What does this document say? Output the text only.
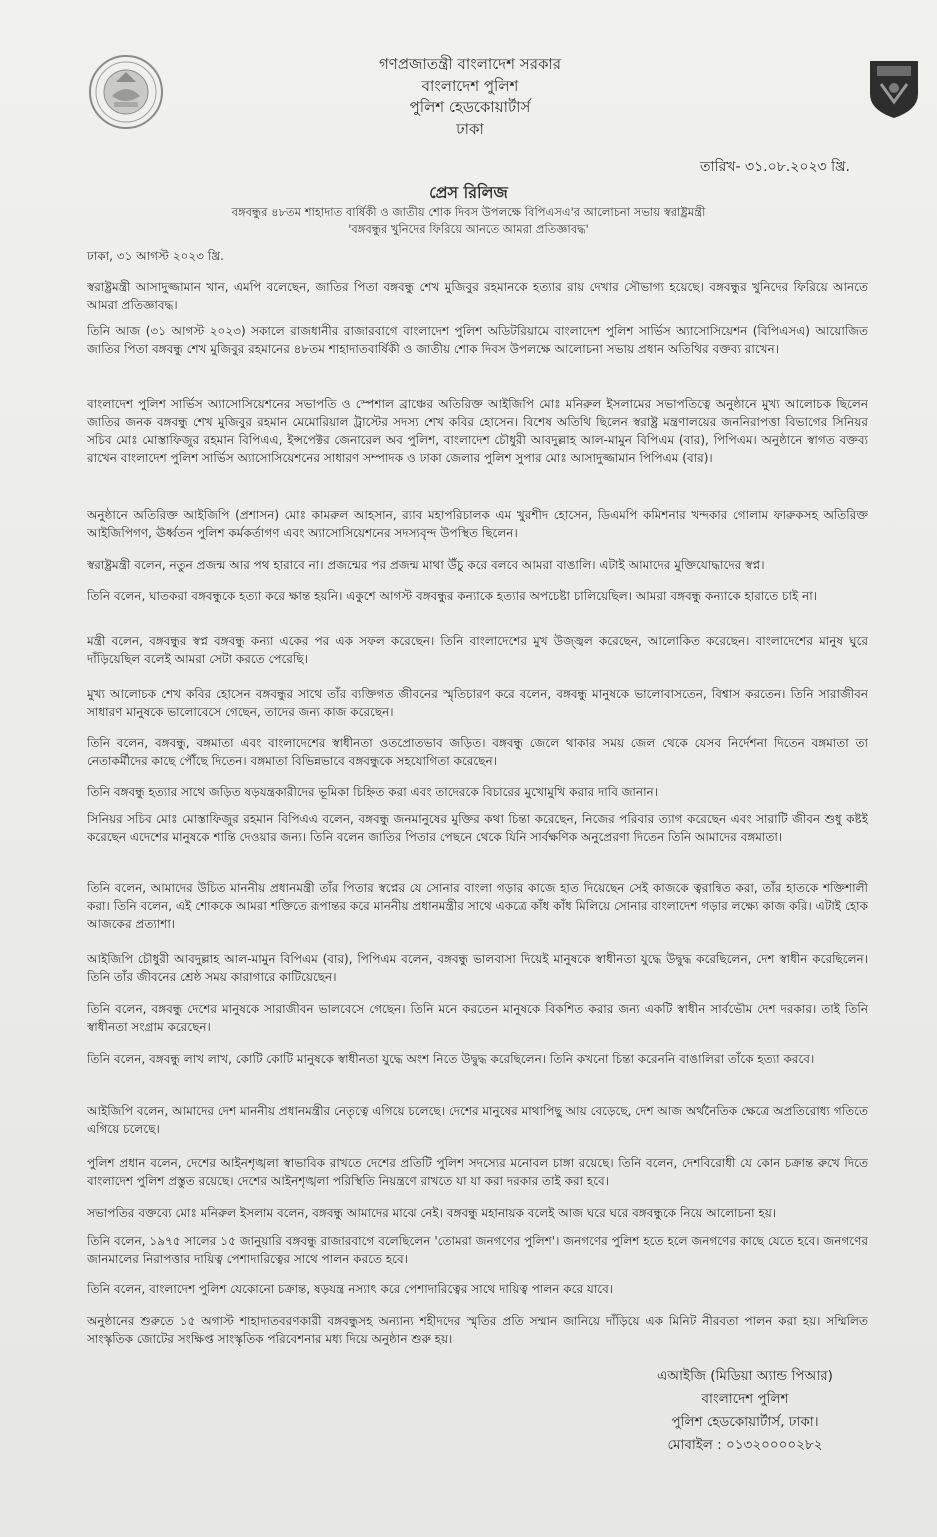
গণপ্রজাতন্ত্রী বাংলাদেশ সরকার
বাংলাদেশ পুলিশ
পুলিশ হেডকোয়ার্টার্স
ঢাকা
তারিখ- ৩১.০৮.২০২৩ খ্রি.
প্রেস রিলিজ
বঙ্গবন্ধুর ৪৮তম শাহাদাত বার্ষিকী ও জাতীয় শোক দিবস উপলক্ষে বিপিএসএ'র আলোচনা সভায় স্বরাষ্ট্রমন্ত্রী
'বঙ্গবন্ধুর খুনিদের ফিরিয়ে আনতে আমরা প্রতিজ্ঞাবদ্ধ'
ঢাকা, ৩১ আগস্ট ২০২৩ খ্রি.
স্বরাষ্ট্রমন্ত্রী আসাদুজ্জামান খান, এমপি বলেছেন, জাতির পিতা বঙ্গবন্ধু শেখ মুজিবুর রহমানকে হত্যার রায় দেখার সৌভাগ্য হয়েছে। বঙ্গবন্ধুর খুনিদের ফিরিয়ে আনতে আমরা প্রতিজ্ঞাবদ্ধ।
তিনি আজ (৩১ আগস্ট ২০২৩) সকালে রাজধানীর রাজারবাগে বাংলাদেশ পুলিশ অডিটরিয়ামে বাংলাদেশ পুলিশ সার্ভিস অ্যাসোসিয়েশন (বিপিএসএ) আয়োজিত জাতির পিতা বঙ্গবন্ধু শেখ মুজিবুর রহমানের ৪৮তম শাহাদাতবার্ষিকী ও জাতীয় শোক দিবস উপলক্ষে আলোচনা সভায় প্রধান অতিথির বক্তব্য রাখেন।
বাংলাদেশ পুলিশ সার্ভিস অ্যাসোসিয়েশনের সভাপতি ও স্পেশাল ব্রাঞ্চের অতিরিক্ত আইজিপি মোঃ মনিরুল ইসলামের সভাপতিত্বে অনুষ্ঠানে মুখ্য আলোচক ছিলেন জাতির জনক বঙ্গবন্ধু শেখ মুজিবুর রহমান মেমোরিয়াল ট্রাস্টের সদস্য শেখ কবির হোসেন। বিশেষ অতিথি ছিলেন স্বরাষ্ট্র মন্ত্রণালয়ের জননিরাপত্তা বিভাগের সিনিয়র সচিব মোঃ মোস্তাফিজুর রহমান বিপিএএ, ইন্সপেক্টর জেনারেল অব পুলিশ, বাংলাদেশ চৌধুরী আবদুল্লাহ আল-মামুন বিপিএম (বার), পিপিএম। অনুষ্ঠানে স্বাগত বক্তব্য রাখেন বাংলাদেশ পুলিশ সার্ভিস অ্যাসোসিয়েশনের সাধারণ সম্পাদক ও ঢাকা জেলার পুলিশ সুপার মোঃ আসাদুজ্জামান পিপিএম (বার)।
অনুষ্ঠানে অতিরিক্ত আইজিপি (প্রশাসন) মোঃ কামরুল আহসান, র‍্যাব মহাপরিচালক এম খুরশীদ হোসেন, ডিএমপি কমিশনার খন্দকার গোলাম ফারুকসহ অতিরিক্ত আইজিপিগণ, ঊর্ধ্বতন পুলিশ কর্মকর্তাগণ এবং অ্যাসোসিয়েশনের সদস্যবৃন্দ উপস্থিত ছিলেন।
স্বরাষ্ট্রমন্ত্রী বলেন, নতুন প্রজন্ম আর পথ হারাবে না। প্রজন্মের পর প্রজন্ম মাথা উঁচু করে বলবে আমরা বাঙালি। এটাই আমাদের মুক্তিযোদ্ধাদের স্বপ্ন।
তিনি বলেন, ঘাতকরা বঙ্গবন্ধুকে হত্যা করে ক্ষান্ত হয়নি। একুশে আগস্ট বঙ্গবন্ধুর কন্যাকে হত্যার অপচেষ্টা চালিয়েছিল। আমরা বঙ্গবন্ধু কন্যাকে হারাতে চাই না।
মন্ত্রী বলেন, বঙ্গবন্ধুর স্বপ্ন বঙ্গবন্ধু কন্যা একের পর এক সফল করেছেন। তিনি বাংলাদেশের মুখ উজ্জ্বল করেছেন, আলোকিত করেছেন। বাংলাদেশের মানুষ ঘুরে দাঁড়িয়েছিল বলেই আমরা সেটা করতে পেরেছি।
মুখ্য আলোচক শেখ কবির হোসেন বঙ্গবন্ধুর সাথে তাঁর ব্যক্তিগত জীবনের স্মৃতিচারণ করে বলেন, বঙ্গবন্ধু মানুষকে ভালোবাসতেন, বিশ্বাস করতেন। তিনি সারাজীবন সাধারণ মানুষকে ভালোবেসে গেছেন, তাদের জন্য কাজ করেছেন।
তিনি বলেন, বঙ্গবন্ধু, বঙ্গমাতা এবং বাংলাদেশের স্বাধীনতা ওতপ্রোতভাব জড়িত। বঙ্গবন্ধু জেলে থাকার সময় জেল থেকে যেসব নির্দেশনা দিতেন বঙ্গমাতা তা নেতাকর্মীদের কাছে পৌঁছে দিতেন। বঙ্গমাতা বিভিন্নভাবে বঙ্গবন্ধুকে সহযোগিতা করেছেন।
তিনি বঙ্গবন্ধু হত্যার সাথে জড়িত ষড়যন্ত্রকারীদের ভূমিকা চিহ্নিত করা এবং তাদেরকে বিচারের মুখোমুখি করার দাবি জানান।
সিনিয়র সচিব মোঃ মোস্তাফিজুর রহমান বিপিএএ বলেন, বঙ্গবন্ধু জনমানুষের মুক্তির কথা চিন্তা করেছেন, নিজের পরিবার ত্যাগ করেছেন এবং সারাটি জীবন শুধু কষ্টই করেছেন এদেশের মানুষকে শান্তি দেওয়ার জন্য। তিনি বলেন জাতির পিতার পেছনে থেকে যিনি সার্বক্ষণিক অনুপ্রেরণা দিতেন তিনি আমাদের বঙ্গমাতা।
তিনি বলেন, আমাদের উচিত মাননীয় প্রধানমন্ত্রী তাঁর পিতার স্বপ্নের যে সোনার বাংলা গড়ার কাজে হাত দিয়েছেন সেই কাজকে ত্বরান্বিত করা, তাঁর হাতকে শক্তিশালী করা। তিনি বলেন, এই শোককে আমরা শক্তিতে রূপান্তর করে মাননীয় প্রধানমন্ত্রীর সাথে একত্রে কাঁধ কাঁধ মিলিয়ে সোনার বাংলাদেশ গড়ার লক্ষ্যে কাজ করি। এটাই হোক আজকের প্রত্যাশা।
আইজিপি চৌধুরী আবদুল্লাহ আল-মামুন বিপিএম (বার), পিপিএম বলেন, বঙ্গবন্ধু ভালবাসা দিয়েই মানুষকে স্বাধীনতা যুদ্ধে উদ্বুদ্ধ করেছিলেন, দেশ স্বাধীন করেছিলেন। তিনি তাঁর জীবনের শ্রেষ্ঠ সময় কারাগারে কাটিয়েছেন।
তিনি বলেন, বঙ্গবন্ধু দেশের মানুষকে সারাজীবন ভালবেসে গেছেন। তিনি মনে করতেন মানুষকে বিকশিত করার জন্য একটি স্বাধীন সার্বভৌম দেশ দরকার। তাই তিনি স্বাধীনতা সংগ্রাম করেছেন।
তিনি বলেন, বঙ্গবন্ধু লাখ লাখ, কোটি কোটি মানুষকে স্বাধীনতা যুদ্ধে অংশ নিতে উদ্বুদ্ধ করেছিলেন। তিনি কখনো চিন্তা করেননি বাঙালিরা তাঁকে হত্যা করবে।
আইজিপি বলেন, আমাদের দেশ মাননীয় প্রধানমন্ত্রীর নেতৃত্বে এগিয়ে চলেছে। দেশের মানুষের মাথাপিছু আয় বেড়েছে, দেশ আজ অর্থনৈতিক ক্ষেত্রে অপ্রতিরোধ্য গতিতে এগিয়ে চলেছে।
পুলিশ প্রধান বলেন, দেশের আইনশৃঙ্খলা স্বাভাবিক রাখতে দেশের প্রতিটি পুলিশ সদস্যের মনোবল চাঙ্গা রয়েছে। তিনি বলেন, দেশবিরোধী যে কোন চক্রান্ত রুখে দিতে বাংলাদেশ পুলিশ প্রস্তুত রয়েছে। দেশের আইনশৃঙ্খলা পরিস্থিতি নিয়ন্ত্রণে রাখতে যা যা করা দরকার তাই করা হবে।
সভাপতির বক্তব্যে মোঃ মনিরুল ইসলাম বলেন, বঙ্গবন্ধু আমাদের মাঝে নেই। বঙ্গবন্ধু মহানায়ক বলেই আজ ঘরে ঘরে বঙ্গবন্ধুকে নিয়ে আলোচনা হয়।
তিনি বলেন, ১৯৭৫ সালের ১৫ জানুয়ারি বঙ্গবন্ধু রাজারবাগে বলেছিলেন 'তোমরা জনগণের পুলিশ'। জনগণের পুলিশ হতে হলে জনগণের কাছে যেতে হবে। জনগণের জানমালের নিরাপত্তার দায়িত্ব পেশাদারিত্বের সাথে পালন করতে হবে।
তিনি বলেন, বাংলাদেশ পুলিশ যেকোনো চক্রান্ত, ষড়যন্ত্র নস্যাৎ করে পেশাদারিত্বের সাথে দায়িত্ব পালন করে যাবে।
অনুষ্ঠানের শুরুতে ১৫ অগাস্ট শাহাদাতবরণকারী বঙ্গবন্ধুসহ অন্যান্য শহীদদের স্মৃতির প্রতি সম্মান জানিয়ে দাঁড়িয়ে এক মিনিট নীরবতা পালন করা হয়। সম্মিলিত সাংস্কৃতিক জোটের সংক্ষিপ্ত সাংস্কৃতিক পরিবেশনার মধ্য দিয়ে অনুষ্ঠান শুরু হয়।
এআইজি (মিডিয়া অ্যান্ড পিআর)
বাংলাদেশ পুলিশ
পুলিশ হেডকোয়ার্টার্স, ঢাকা।
মোবাইল : ০১৩২০০০০২৮২
